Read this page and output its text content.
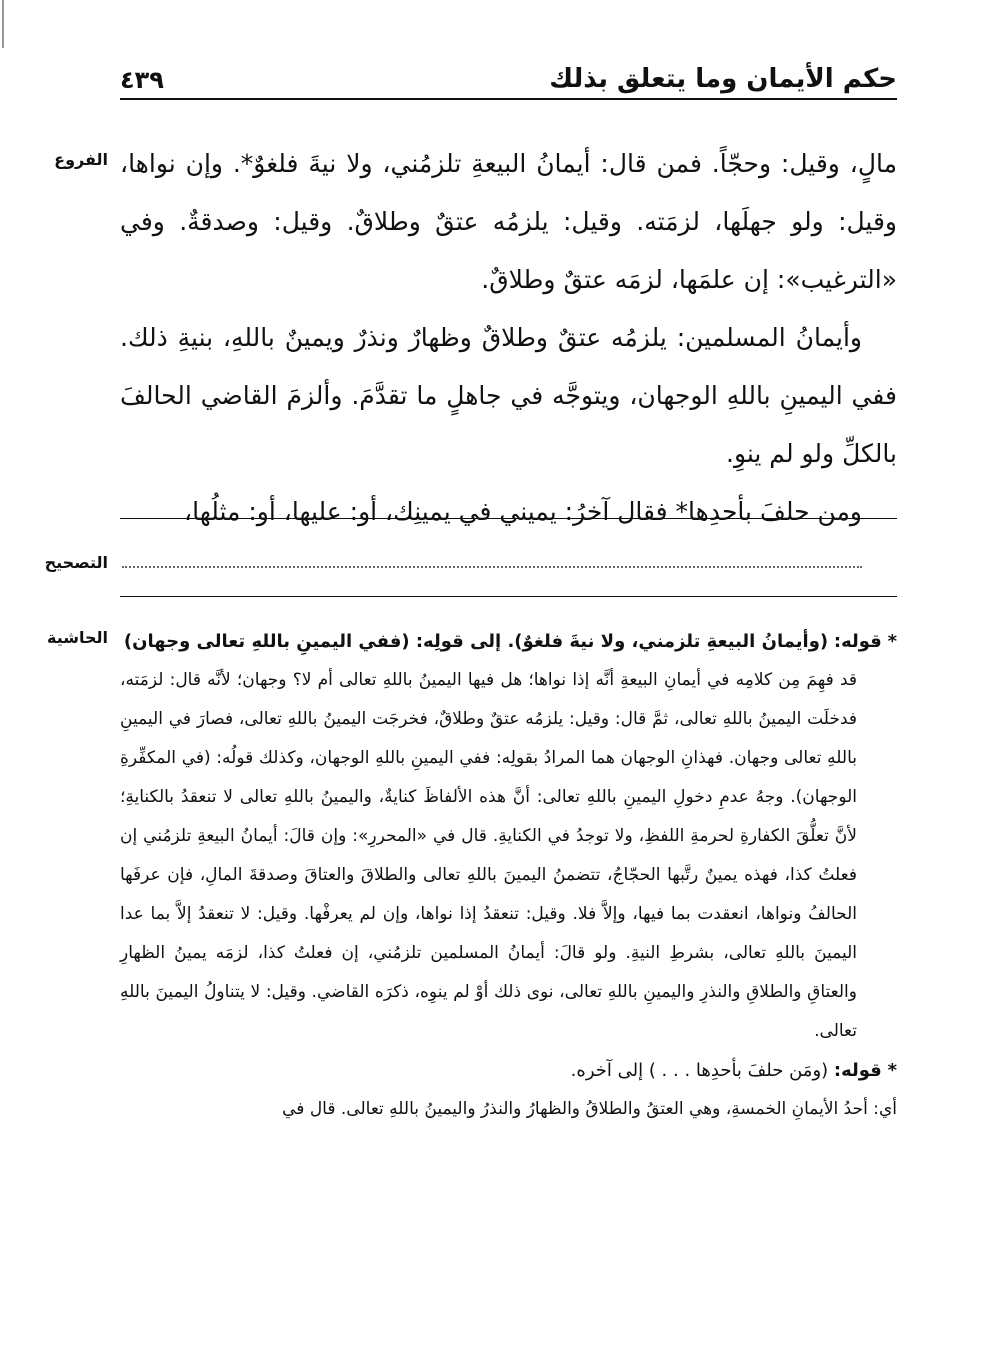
حكم الأيمان وما يتعلق بذلك
٤٣٩
الفروع مالٍ، وقيل: وحجّاً. فمن قال: أيمانُ البيعةِ تلزمُني، ولا نيةَ فلغوٌ*. وإن نواها، وقيل: ولو جهلَها، لزمَته. وقيل: يلزمُه عتقٌ وطلاقٌ. وقيل: وصدقةٌ. وفي «الترغيب»: إن علمَها، لزمَه عتقٌ وطلاقٌ.

وأيمانُ المسلمين: يلزمُه عتقٌ وطلاقٌ وظهارٌ ونذرٌ ويمينٌ باللهِ، بنيةِ ذلك. ففي اليمينِ باللهِ الوجهان، ويتوجَّه في جاهلٍ ما تقدَّمَ. وألزمَ القاضي الحالفَ بالكلِّ ولو لم ينوِ.

ومن حلفَ بأحدِها* فقال آخرُ: يميني في يمينِك، أو: عليها، أو: مثلُها،

التصحيح
الحاشية	* قوله: (وأيمانُ البيعةِ تلزمني، ولا نيةَ فلغوٌ). إلى قولِه: (ففي اليمينِ باللهِ تعالى وجهان)

قد فهِمَ مِن كلامِه في أيمانِ البيعةِ أنَّه إذا نواها؛ هل فيها اليمينُ باللهِ تعالى أم لا؟ وجهان؛ لأنَّه قال: لزمَته، فدخلَت اليمينُ باللهِ تعالى، ثمَّ قال: وقيل: يلزمُه عتقٌ وطلاقٌ، فخرجَت اليمينُ باللهِ تعالى، فصارَ في اليمينِ باللهِ تعالى وجهان. فهذانِ الوجهان هما المرادُ بقولِه: ففي اليمينِ باللهِ الوجهان، وكذلك قولُه: (في المكفِّرةِ الوجهان). وجهُ عدمِ دخولِ اليمينِ باللهِ تعالى: أنَّ هذه الألفاظَ كنايةٌ، واليمينُ باللهِ تعالى لا تنعقدُ بالكنايةِ؛ لأنَّ تعلُّقَ الكفارةِ لحرمةِ اللفظِ، ولا توجدُ في الكنايةِ. قال في «المحررِ»: وإن قالَ: أيمانُ البيعةِ تلزمُني إن فعلتُ كذا، فهذه يمينٌ رتَّبها الحجّاجُ، تتضمنُ اليمينَ باللهِ تعالى والطلاقَ والعتاقَ وصدقةَ المالِ، فإن عرفَها الحالفُ ونواها، انعقدت بما فيها، وإلاَّ فلا. وقيل: تنعقدُ إذا نواها، وإن لم يعرفْها. وقيل: لا تنعقدُ إلاَّ بما عدا اليمينَ باللهِ تعالى، بشرطِ النيةِ. ولو قالَ: أيمانُ المسلمين تلزمُني، إن فعلتُ كذا، لزمَه يمينُ الظهارِ والعتاقِ والطلاقِ والنذرِ واليمينِ باللهِ تعالى، نوى ذلك أوْ لم ينوِه، ذكرَه القاضي. وقيل: لا يتناولُ اليمينَ باللهِ تعالى.

* قوله: (ومَن حلفَ بأحدِها . . . ) إلى آخره.

أي: أحدُ الأيمانِ الخمسةِ، وهي العتقُ والطلاقُ والظهارُ والنذرُ واليمينُ باللهِ تعالى. قال في
